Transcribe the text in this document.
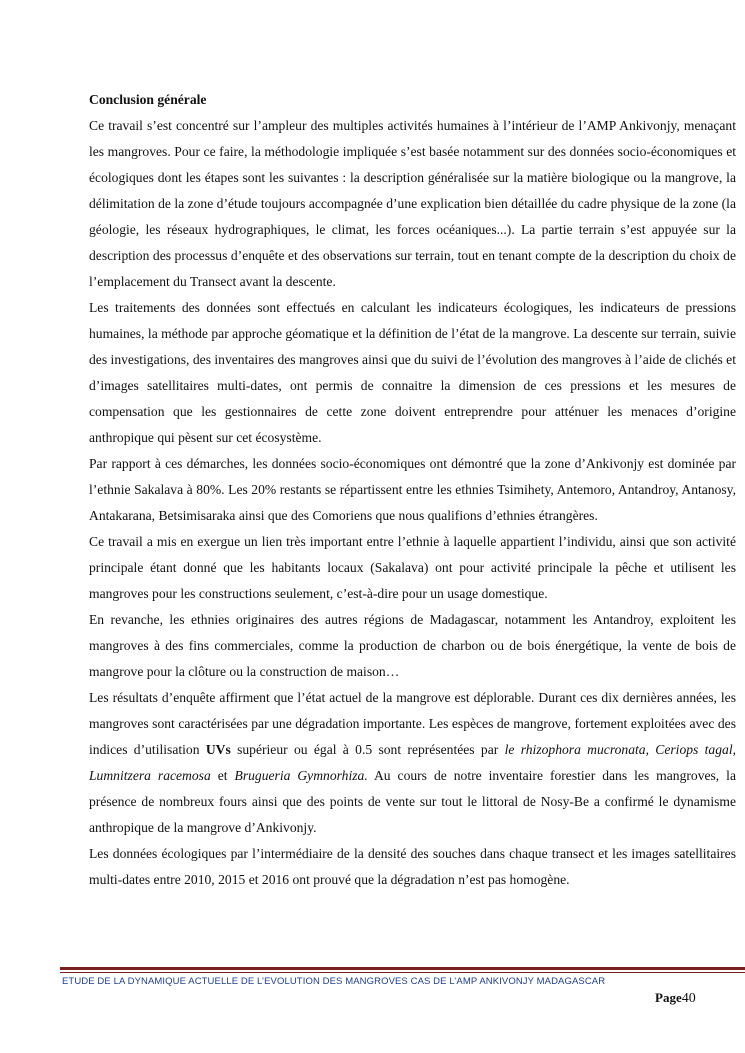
Conclusion générale

Ce travail s’est concentré sur l’ampleur des multiples activités humaines à l’intérieur de l’AMP Ankivonjy, menaçant les mangroves. Pour ce faire, la méthodologie impliquée s’est basée notamment sur des données socio-économiques et écologiques dont les étapes sont les suivantes : la description généralisée sur la matière biologique ou la mangrove, la délimitation de la zone d’étude toujours accompagnée d’une explication bien détaillée du cadre physique de la zone (la géologie, les réseaux hydrographiques, le climat, les forces océaniques...). La partie terrain s’est appuyée sur la description des processus d’enquête et des observations sur terrain, tout en tenant compte de la description du choix de l’emplacement du Transect avant la descente.

Les traitements des données sont effectués en calculant les indicateurs écologiques, les indicateurs de pressions humaines, la méthode par approche géomatique et la définition de l’état de la mangrove. La descente sur terrain, suivie des investigations, des inventaires des mangroves ainsi que du suivi de l’évolution des mangroves à l’aide de clichés et d’images satellitaires multi-dates, ont permis de connaitre la dimension de ces pressions et les mesures de compensation que les gestionnaires de cette zone doivent entreprendre pour atténuer les menaces d’origine anthropique qui pèsent sur cet écosystème.

Par rapport à ces démarches, les données socio-économiques ont démontré que la zone d’Ankivonjy est dominée par l’ethnie Sakalava à 80%. Les 20% restants se répartissent entre les ethnies Tsimihety, Antemoro, Antandroy, Antanosy, Antakarana, Betsimisaraka ainsi que des Comoriens que nous qualifions d’ethnies étrangères.

Ce travail a mis en exergue un lien très important entre l’ethnie à laquelle appartient l’individu, ainsi que son activité principale étant donné que les habitants locaux (Sakalava) ont pour activité principale la pêche et utilisent les mangroves pour les constructions seulement, c’est-à-dire pour un usage domestique.

En revanche, les ethnies originaires des autres régions de Madagascar, notamment les Antandroy, exploitent les mangroves à des fins commerciales, comme la production de charbon ou de bois énergétique, la vente de bois de mangrove pour la clôture ou la construction de maison…

Les résultats d’enquête affirment que l’état actuel de la mangrove est déplorable. Durant ces dix dernières années, les mangroves sont caractérisées par une dégradation importante. Les espèces de mangrove, fortement exploitées avec des indices d’utilisation UVs supérieur ou égal à 0.5 sont représentées par le rhizophora mucronata, Ceriops tagal, Lumnitzera racemosa et Brugueria Gymnorhiza. Au cours de notre inventaire forestier dans les mangroves, la présence de nombreux fours ainsi que des points de vente sur tout le littoral de Nosy-Be a confirmé le dynamisme anthropique de la mangrove d’Ankivonjy.

Les données écologiques par l’intermédiaire de la densité des souches dans chaque transect et les images satellitaires multi-dates entre 2010, 2015 et 2016 ont prouvé que la dégradation n’est pas homogène.

ETUDE DE LA DYNAMIQUE ACTUELLE DE L’EVOLUTION DES MANGROVES CAS DE L’AMP ANKIVONJY MADAGASCAR
Page40
